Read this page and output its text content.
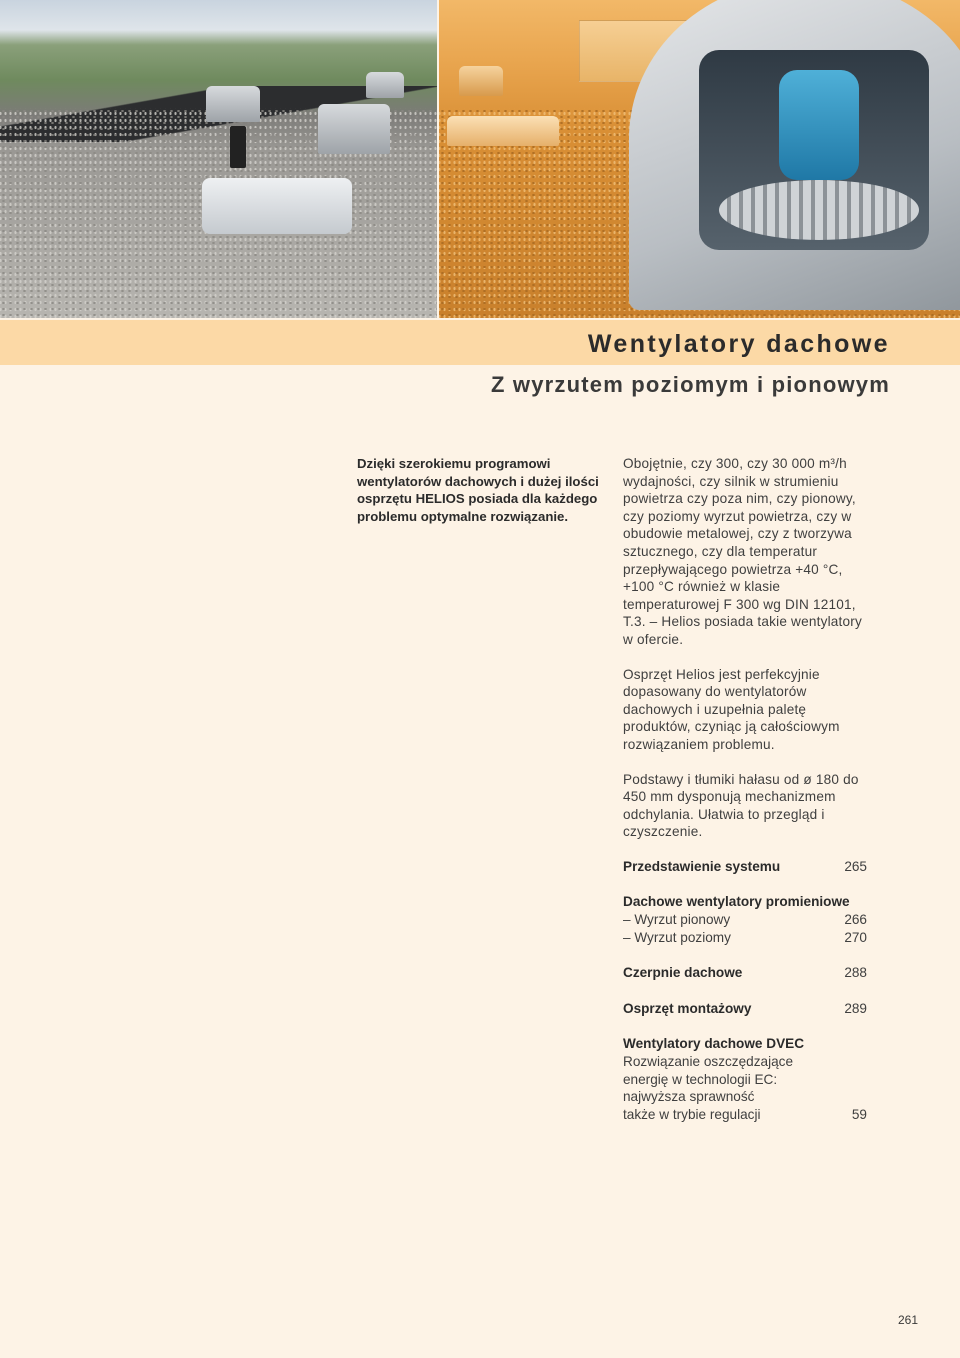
Wentylatory dachowe
Z wyrzutem poziomym i pionowym

Dzięki szerokiemu programowi wentylatorów dachowych i dużej ilości osprzętu HELIOS posiada dla każdego problemu optymalne rozwiązanie.

Obojętnie, czy 300, czy 30 000 m³/h wydajności, czy silnik w strumieniu powietrza czy poza nim, czy pionowy, czy poziomy wyrzut powietrza, czy w obudowie metalowej, czy z tworzywa sztucznego, czy dla temperatur przepływającego powietrza +40 °C, +100 °C również w klasie temperaturowej F 300 wg DIN 12101, T.3. – Helios posiada takie wentylatory w ofercie.

Osprzęt Helios jest perfekcyjnie dopasowany do wentylatorów dachowych i uzupełnia paletę produktów, czyniąc ją całościowym rozwiązaniem problemu.

Podstawy i tłumiki hałasu od ø 180 do 450 mm dysponują mechanizmem odchylania. Ułatwia to przegląd i czyszczenie.

Przedstawienie systemu	265
Dachowe wentylatory promieniowe
– Wyrzut pionowy	266
– Wyrzut poziomy	270
Czerpnie dachowe	288
Osprzęt montażowy	289
Wentylatory dachowe DVEC
Rozwiązanie oszczędzające
energię w technologii EC:
najwyższa sprawność
także w trybie regulacji	59
261
